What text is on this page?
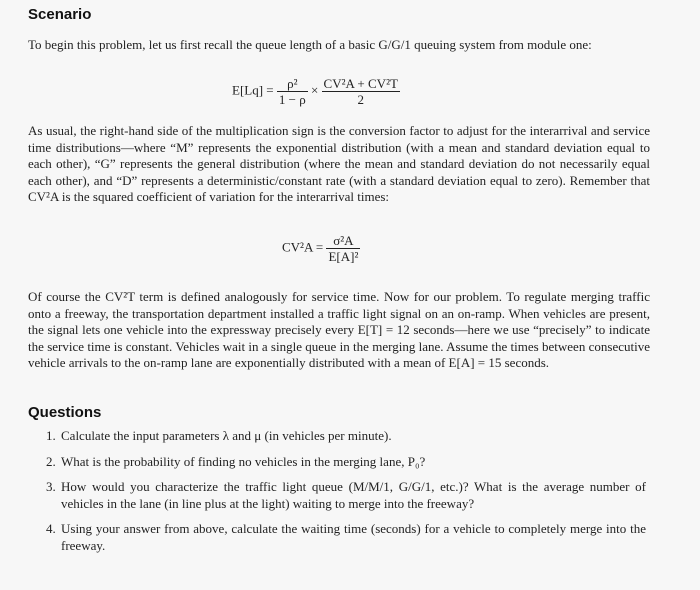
Scenario
To begin this problem, let us first recall the queue length of a basic G/G/1 queuing system from module one:
$E[Lq] = \frac{\text{ρ²}}{1 - \rho} \times \frac{\text{CV²A + CV²T}}{2}$
As usual, the right-hand side of the multiplication sign is the conversion factor to adjust for the interarrival and service time distributions—where “M” represents the exponential distribution (with a mean and standard deviation equal to each other), “G” represents the general distribution (where the mean and standard deviation do not necessarily equal each other), and “D” represents a deterministic/constant rate (with a standard deviation equal to zero). Remember that CV²A is the squared coefficient of variation for the interarrival times:
$CV^2A = \frac{\text{σ²A}}{\text{E[A]²}}$
Of course the CV²T term is defined analogously for service time. Now for our problem. To regulate merging traffic onto a freeway, the transportation department installed a traffic light signal on an on-ramp. When vehicles are present, the signal lets one vehicle into the expressway precisely every E[T] = 12 seconds—here we use “precisely” to indicate the service time is constant. Vehicles wait in a single queue in the merging lane. Assume the times between consecutive vehicle arrivals to the on-ramp lane are exponentially distributed with a mean of E[A] = 15 seconds.
Questions
1. Calculate the input parameters λ and μ (in vehicles per minute).
2. What is the probability of finding no vehicles in the merging lane, P₀?
3. How would you characterize the traffic light queue (M/M/1, G/G/1, etc.)? What is the average number of vehicles in the lane (in line plus at the light) waiting to merge into the freeway?
4. Using your answer from above, calculate the waiting time (seconds) for a vehicle to completely merge into the freeway.
